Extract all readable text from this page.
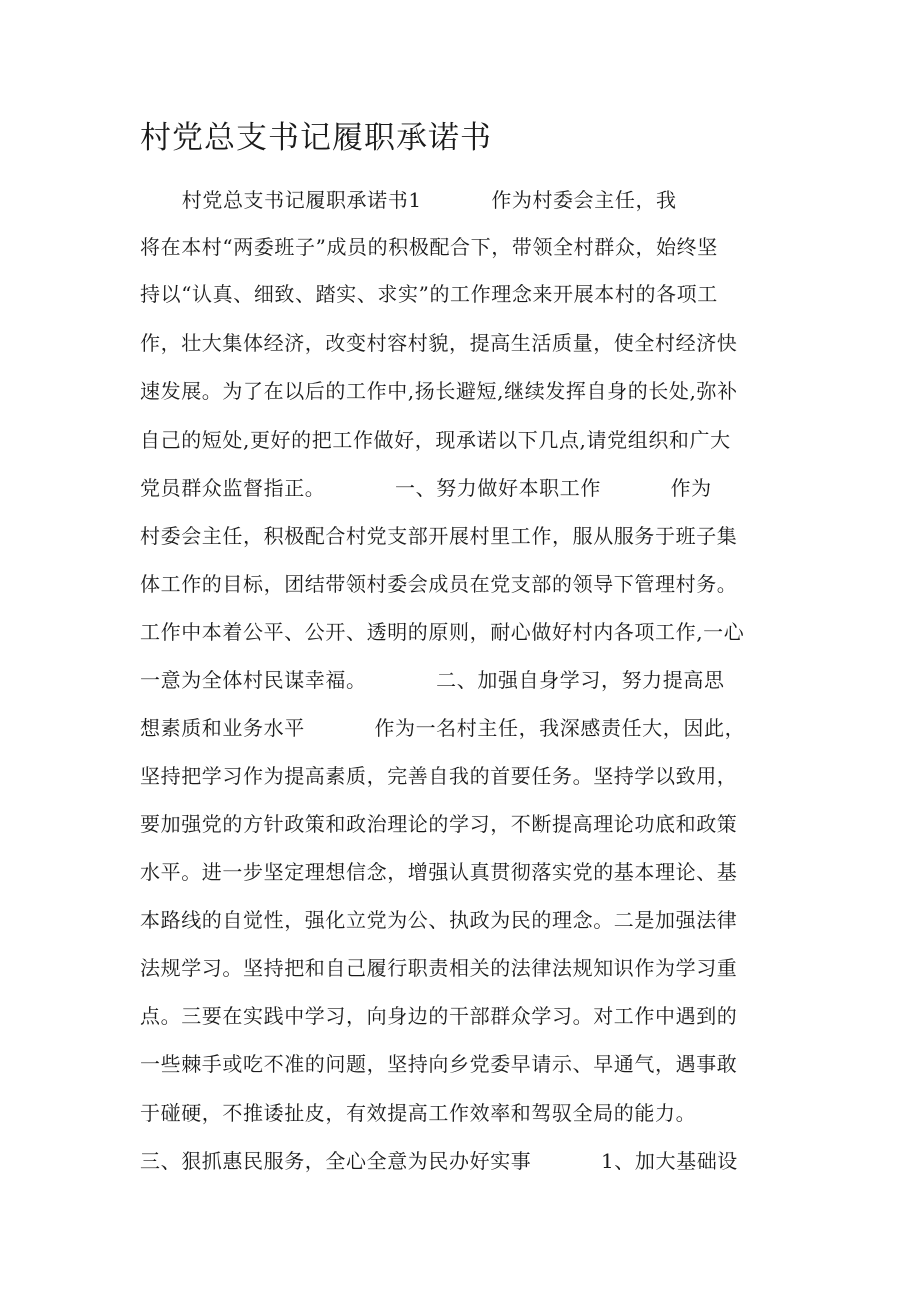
村党总支书记履职承诺书

村党总支书记履职承诺书1          作为村委会主任，我

将在本村“两委班子”成员的积极配合下，带领全村群众，始终坚

持以“认真、细致、踏实、求实”的工作理念来开展本村的各项工

作，壮大集体经济，改变村容村貌，提高生活质量，使全村经济快

速发展。为了在以后的工作中,扬长避短,继续发挥自身的长处,弥补

自己的短处,更好的把工作做好，现承诺以下几点,请党组织和广大

党员群众监督指正。          一、努力做好本职工作          作为

村委会主任，积极配合村党支部开展村里工作，服从服务于班子集

体工作的目标，团结带领村委会成员在党支部的领导下管理村务。

工作中本着公平、公开、透明的原则，耐心做好村内各项工作,一心

一意为全体村民谋幸福。          二、加强自身学习，努力提高思

想素质和业务水平          作为一名村主任，我深感责任大，因此，

坚持把学习作为提高素质，完善自我的首要任务。坚持学以致用，

要加强党的方针政策和政治理论的学习，不断提高理论功底和政策

水平。进一步坚定理想信念，增强认真贯彻落实党的基本理论、基

本路线的自觉性，强化立党为公、执政为民的理念。二是加强法律

法规学习。坚持把和自己履行职责相关的法律法规知识作为学习重

点。三要在实践中学习，向身边的干部群众学习。对工作中遇到的

一些棘手或吃不准的问题，坚持向乡党委早请示、早通气，遇事敢

于碰硬，不推诿扯皮，有效提高工作效率和驾驭全局的能力。

三、狠抓惠民服务，全心全意为民办好实事          1、加大基础设
